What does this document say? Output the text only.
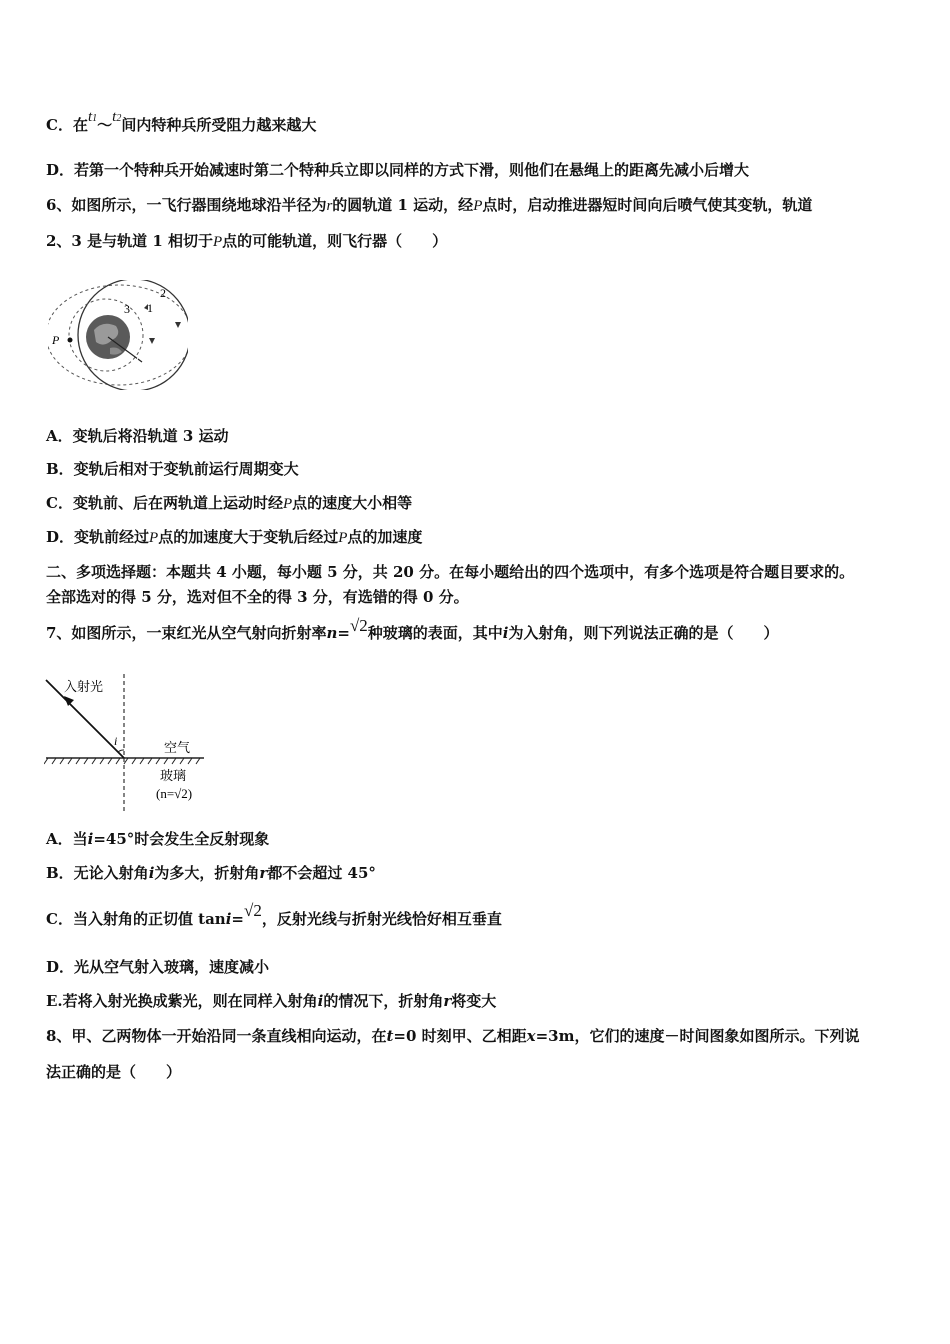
C．在t1～t2间内特种兵所受阻力越来越大
D．若第一个特种兵开始减速时第二个特种兵立即以同样的方式下滑，则他们在悬绳上的距离先减小后增大
6、如图所示，一飞行器围绕地球沿半径为r的圆轨道 1 运动，经P点时，启动推进器短时间向后喷气使其变轨，轨道
2、3 是与轨道 1 相切于P点的可能轨道，则飞行器（　　）
P
r
1
2
3
A．变轨后将沿轨道 3 运动
B．变轨后相对于变轨前运行周期变大
C．变轨前、后在两轨道上运动时经P点的速度大小相等
D．变轨前经过P点的加速度大于变轨后经过P点的加速度
二、多项选择题：本题共 4 小题，每小题 5 分，共 20 分。在每小题给出的四个选项中，有多个选项是符合题目要求的。
全部选对的得 5 分，选对但不全的得 3 分，有选错的得 0 分。
7、如图所示，一束红光从空气射向折射率n=√2种玻璃的表面，其中i为入射角，则下列说法正确的是（　　）
入射光
i	空气
玻璃
(n=√2)
A．当i=45°时会发生全反射现象
B．无论入射角i为多大，折射角r都不会超过 45°
C．当入射角的正切值 tani=√2，反射光线与折射光线恰好相互垂直
D．光从空气射入玻璃，速度减小
E.若将入射光换成紫光，则在同样入射角i的情况下，折射角r将变大
8、甲、乙两物体一开始沿同一条直线相向运动，在t=0 时刻甲、乙相距x=3m，它们的速度－时间图象如图所示。下列说
法正确的是（　　）
